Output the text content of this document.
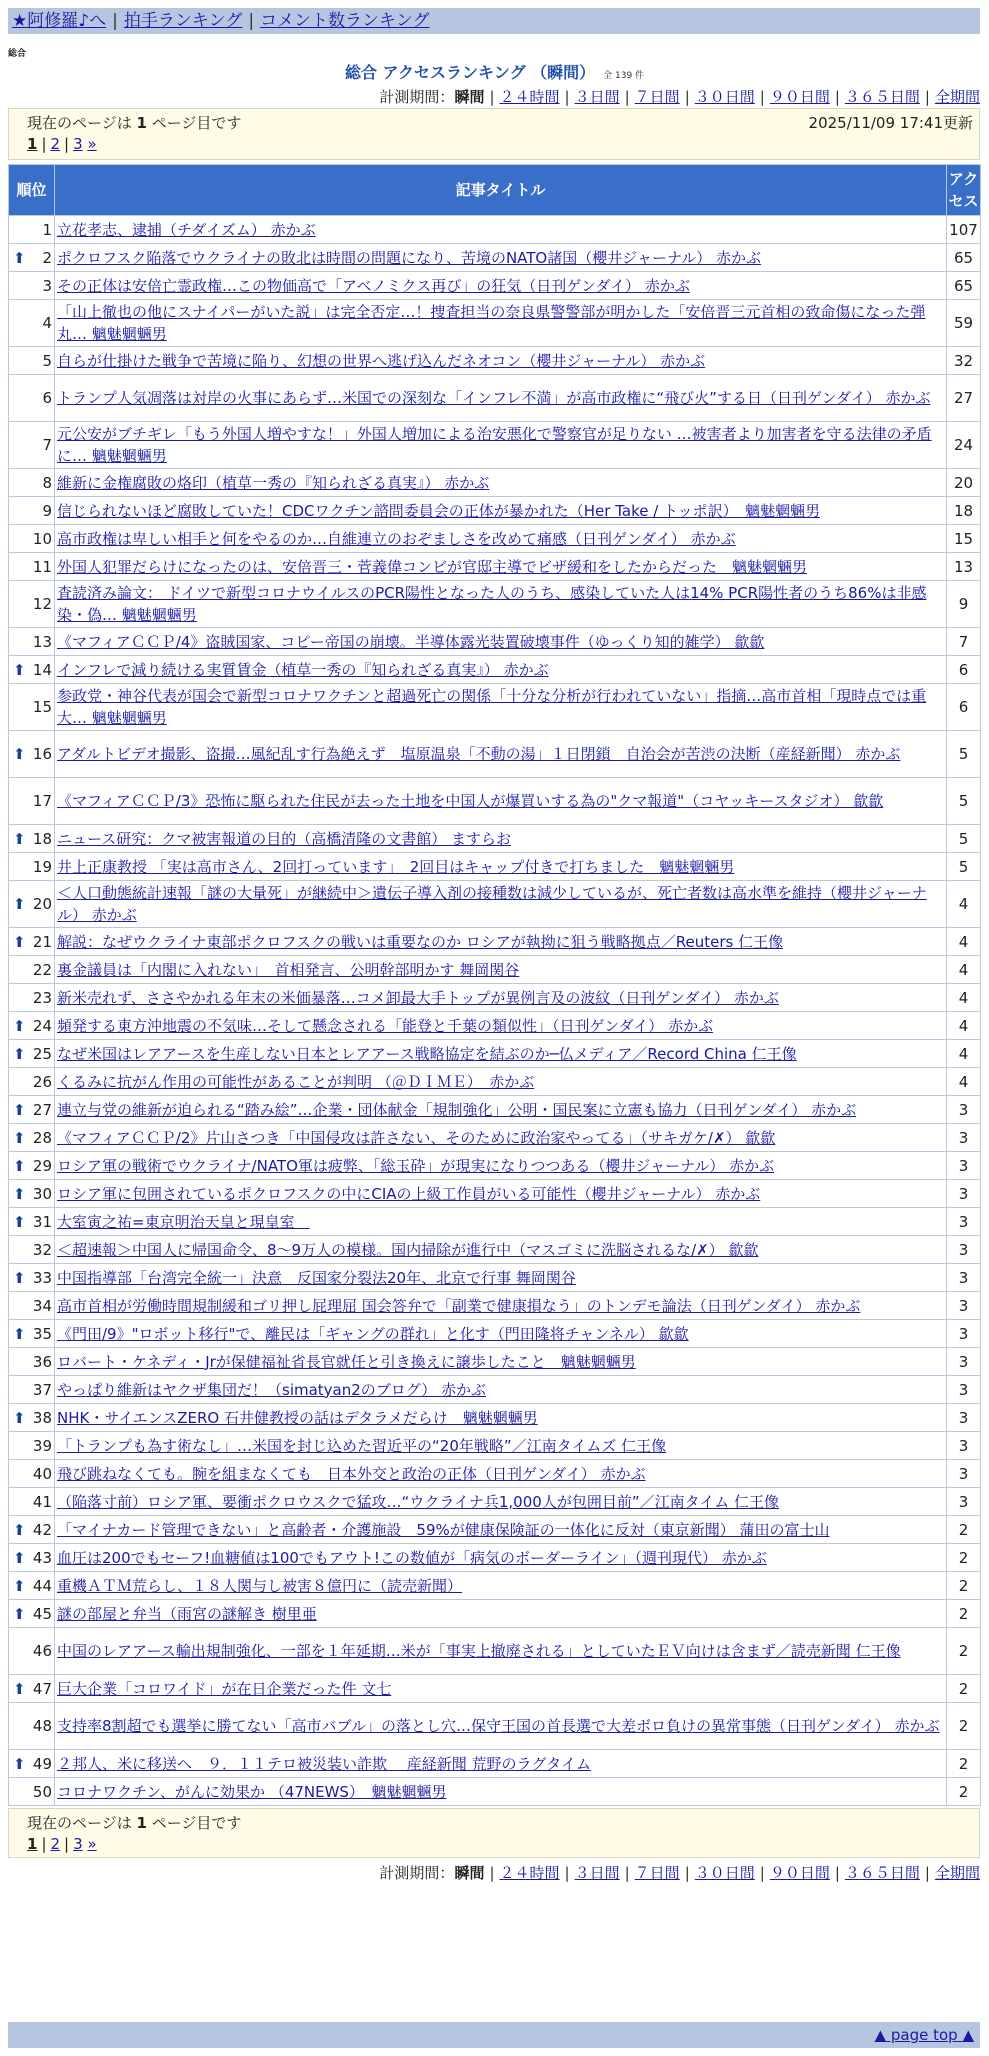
★阿修羅♪へ | 拍手ランキング | コメント数ランキング
総合
総合 アクセスランキング （瞬間） 全 139 件
計測期間：瞬間 | ２４時間 | ３日間 | ７日間 | ３０日間 | ９０日間 | ３６５日間 | 全期間
現在のページは 1 ページ目です	2025/11/09 17:41更新
1 | 2 | 3 »
順位	記事タイトル	アクセス
1	立花孝志、逮捕（チダイズム） 赤かぶ	107

⬆ 2	ポクロフスク陥落でウクライナの敗北は時間の問題になり、苦境のNATO諸国（櫻井ジャーナル） 赤かぶ	65
3	その正体は安倍亡霊政権…この物価高で「アベノミクス再び」の狂気（日刊ゲンダイ） 赤かぶ	65
4	「山上徹也の他にスナイパーがいた説」は完全否定…！捜査担当の奈良県警警部が明かした「安倍晋三元首相の致命傷になった弾丸… 魑魅魍魎男	59
5	自らが仕掛けた戦争で苦境に陥り、幻想の世界へ逃げ込んだネオコン（櫻井ジャーナル） 赤かぶ	32
6	トランプ人気凋落は対岸の火事にあらず…米国での深刻な「インフレ不満」が高市政権に“飛び火”する日（日刊ゲンダイ） 赤かぶ	27
7	元公安がブチギレ「もう外国人増やすな！」外国人増加による治安悪化で警察官が足りない …被害者より加害者を守る法律の矛盾に… 魑魅魍魎男	24
8	維新に金権腐敗の烙印（植草一秀の『知られざる真実』） 赤かぶ	20
9	信じられないほど腐敗していた！CDCワクチン諮問委員会の正体が暴かれた（Her Take / トッポ訳）　魑魅魍魎男	18
10	高市政権は卑しい相手と何をやるのか…自維連立のおぞましさを改めて痛感（日刊ゲンダイ） 赤かぶ	15
11	外国人犯罪だらけになったのは、安倍晋三・菅義偉コンビが官邸主導でビザ緩和をしたからだった　魑魅魍魎男	13
12	査読済み論文： ドイツで新型コロナウイルスのPCR陽性となった人のうち、感染していた人は14% PCR陽性者のうち86%は非感染・偽… 魑魅魍魎男	9
13	《マフィアＣＣＰ/4》盗賊国家、コピー帝国の崩壊。半導体露光装置破壊事件（ゆっくり知的雑学） 歙歙	7

⬆ 14	インフレで減り続ける実質賃金（植草一秀の『知られざる真実』） 赤かぶ	6
15	参政党・神谷代表が国会で新型コロナワクチンと超過死亡の関係「十分な分析が行われていない」指摘…高市首相「現時点では重大… 魑魅魍魎男	6

⬆ 16	アダルトビデオ撮影、盗撮…風紀乱す行為絶えず　塩原温泉「不動の湯」１日閉鎖　自治会が苦渋の決断（産経新聞） 赤かぶ	5
17	《マフィアＣＣＰ/3》恐怖に駆られた住民が去った土地を中国人が爆買いする為の"クマ報道"（コヤッキースタジオ） 歙歙	5

⬆ 18	ニュース研究：クマ被害報道の目的（高橋清隆の文書館） ますらお	5
19	井上正康教授 「実は高市さん、2回打っています」　2回目はキャップ付きで打ちました　魑魅魍魎男	5

⬆ 20	＜人口動態統計速報「謎の大量死」が継続中＞遺伝子導入剤の接種数は減少しているが、死亡者数は高水準を維持（櫻井ジャーナル） 赤かぶ	4

⬆ 21	解説：なぜウクライナ東部ポクロフスクの戦いは重要なのか ロシアが執拗に狙う戦略拠点／Reuters 仁王像	4
22	裏金議員は「内閣に入れない」　首相発言、公明幹部明かす 舞岡関谷	4
23	新米売れず、ささやかれる年末の米価暴落…コメ卸最大手トップが異例言及の波紋（日刊ゲンダイ） 赤かぶ	4

⬆ 24	頻発する東方沖地震の不気味…そして懸念される「能登と千葉の類似性」（日刊ゲンダイ） 赤かぶ	4

⬆ 25	なぜ米国はレアアースを生産しない日本とレアアース戦略協定を結ぶのか─仏メディア／Record China 仁王像	4
26	くるみに抗がん作用の可能性があることが判明 （＠ＤＩＭＥ）　赤かぶ	4

⬆ 27	連立与党の維新が迫られる“踏み絵”…企業・団体献金「規制強化」公明・国民案に立憲も協力（日刊ゲンダイ） 赤かぶ	3

⬆ 28	《マフィアＣＣＰ/2》片山さつき「中国侵攻は許さない、そのために政治家やってる」（サキガケ/✗） 歙歙	3

⬆ 29	ロシア軍の戦術でウクライナ/NATO軍は疲弊、「総玉砕」が現実になりつつある（櫻井ジャーナル） 赤かぶ	3

⬆ 30	ロシア軍に包囲されているポクロフスクの中にCIAの上級工作員がいる可能性（櫻井ジャーナル） 赤かぶ	3

⬆ 31	大室寅之祐=東京明治天皇と現皇室　	3
32	＜超速報＞中国人に帰国命令、8～9万人の模様。国内掃除が進行中（マスゴミに洗脳されるな/✗） 歙歙	3

⬆ 33	中国指導部「台湾完全統一」決意　反国家分裂法20年、北京で行事 舞岡関谷	3
34	高市首相が労働時間規制緩和ゴリ押し屁理屈 国会答弁で「副業で健康損なう」のトンデモ論法（日刊ゲンダイ） 赤かぶ	3

⬆ 35	《門田/9》"ロボット移行"で、離民は「ギャングの群れ」と化す（門田隆将チャンネル） 歙歙	3
36	ロバート・ケネディ・Jrが保健福祉省長官就任と引き換えに譲歩したこと　魑魅魍魎男	3
37	やっぱり維新はヤクザ集団だ！（simatyan2のブログ） 赤かぶ	3

⬆ 38	NHK・サイエンスZERO 石井健教授の話はデタラメだらけ　魑魅魍魎男	3
39	「トランプも為す術なし」…米国を封じ込めた習近平の“20年戦略”／江南タイムズ 仁王像	3
40	飛び跳ねなくても。腕を組まなくても　日本外交と政治の正体（日刊ゲンダイ） 赤かぶ	3
41	（陥落寸前）ロシア軍、要衝ポクロウスクで猛攻…“ウクライナ兵1,000人が包囲目前”／江南タイム 仁王像	3

⬆ 42	「マイナカード管理できない」と高齢者・介護施設　59%が健康保険証の一体化に反対（東京新聞） 蒲田の富士山	2

⬆ 43	血圧は200でもセーフ!血糖値は100でもアウト!この数値が「病気のボーダーライン」（週刊現代） 赤かぶ	2

⬆ 44	重機ＡＴＭ荒らし、１８人関与し被害８億円に（読売新聞）	2

⬆ 45	謎の部屋と弁当（雨宮の謎解き 樹里亜	2
46	中国のレアアース輸出規制強化、一部を１年延期…米が「事実上撤廃される」としていたＥＶ向けは含まず／読売新聞 仁王像	2

⬆ 47	巨大企業「コロワイド」が在日企業だった件 文七	2
48	支持率8割超でも選挙に勝てない「高市バブル」の落とし穴…保守王国の首長選で大差ボロ負けの異常事態（日刊ゲンダイ） 赤かぶ	2

⬆ 49	２邦人、米に移送へ　９．１１テロ被災装い詐欺　 産経新聞 荒野のラグタイム	2
50	コロナワクチン、がんに効果か （47NEWS）　魑魅魍魎男	2
現在のページは 1 ページ目です
1 | 2 | 3 »
計測期間：瞬間 | ２４時間 | ３日間 | ７日間 | ３０日間 | ９０日間 | ３６５日間 | 全期間
▲ page top ▲
